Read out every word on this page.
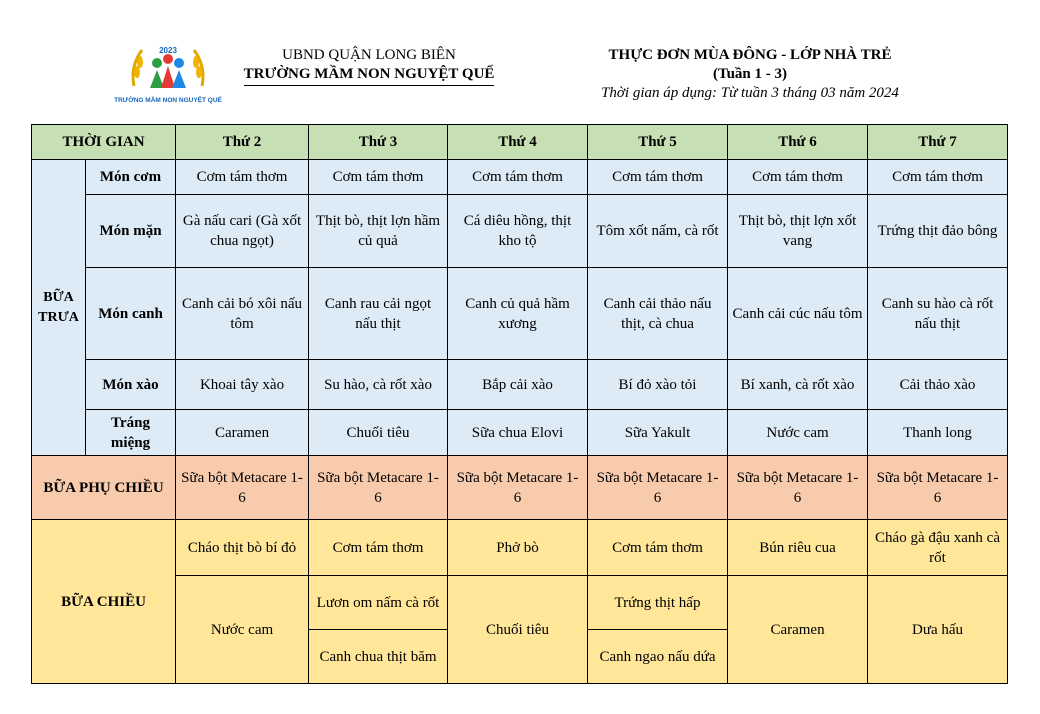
2023
TRƯỜNG MẦM NON NGUYỆT QUẾ
UBND QUẬN LONG BIÊN
TRƯỜNG MẦM NON NGUYỆT QUẾ
THỰC ĐƠN MÙA ĐÔNG - LỚP NHÀ TRẺ
(Tuần 1 - 3)
Thời gian áp dụng: Từ tuần 3 tháng 03 năm 2024
THỜI GIAN		Thứ 2	Thứ 3	Thứ 4	Thứ 5	Thứ 6	Thứ 7
BỮA TRƯA	Món cơm	Cơm tám thơm	Cơm tám thơm	Cơm tám thơm	Cơm tám thơm	Cơm tám thơm	Cơm tám thơm
	Món mặn	Gà nấu cari (Gà xốt chua ngọt)	Thịt bò, thịt lợn hầm củ quả	Cá diêu hồng, thịt kho tộ	Tôm xốt nấm, cà rốt	Thịt bò, thịt lợn xốt vang	Trứng thịt đảo bông
	Món canh	Canh cải bó xôi nấu tôm	Canh rau cải ngọt nấu thịt	Canh củ quả hầm xương	Canh cải thảo nấu thịt, cà chua	Canh cải cúc nấu tôm	Canh su hào cà rốt nấu thịt
	Món xào	Khoai tây xào	Su hào, cà rốt xào	Bắp cải xào	Bí đỏ xào tỏi	Bí xanh, cà rốt xào	Cải thảo xào
	Tráng miệng	Caramen	Chuối tiêu	Sữa chua Elovi	Sữa Yakult	Nước cam	Thanh long
BỮA PHỤ CHIỀU		Sữa bột Metacare 1- 6	Sữa bột Metacare 1- 6	Sữa bột Metacare 1- 6	Sữa bột Metacare 1- 6	Sữa bột Metacare 1- 6	Sữa bột Metacare 1- 6
BỮA CHIỀU		Cháo thịt bò bí đỏ	Cơm tám thơm	Phở bò	Cơm tám thơm	Bún riêu cua	Cháo gà đậu xanh cà rốt
		Nước cam	Lươn om nấm cà rốt	Chuối tiêu	Trứng thịt hấp	Caramen	Dưa hấu

			Canh chua thịt băm		Canh ngao nấu dứa		
